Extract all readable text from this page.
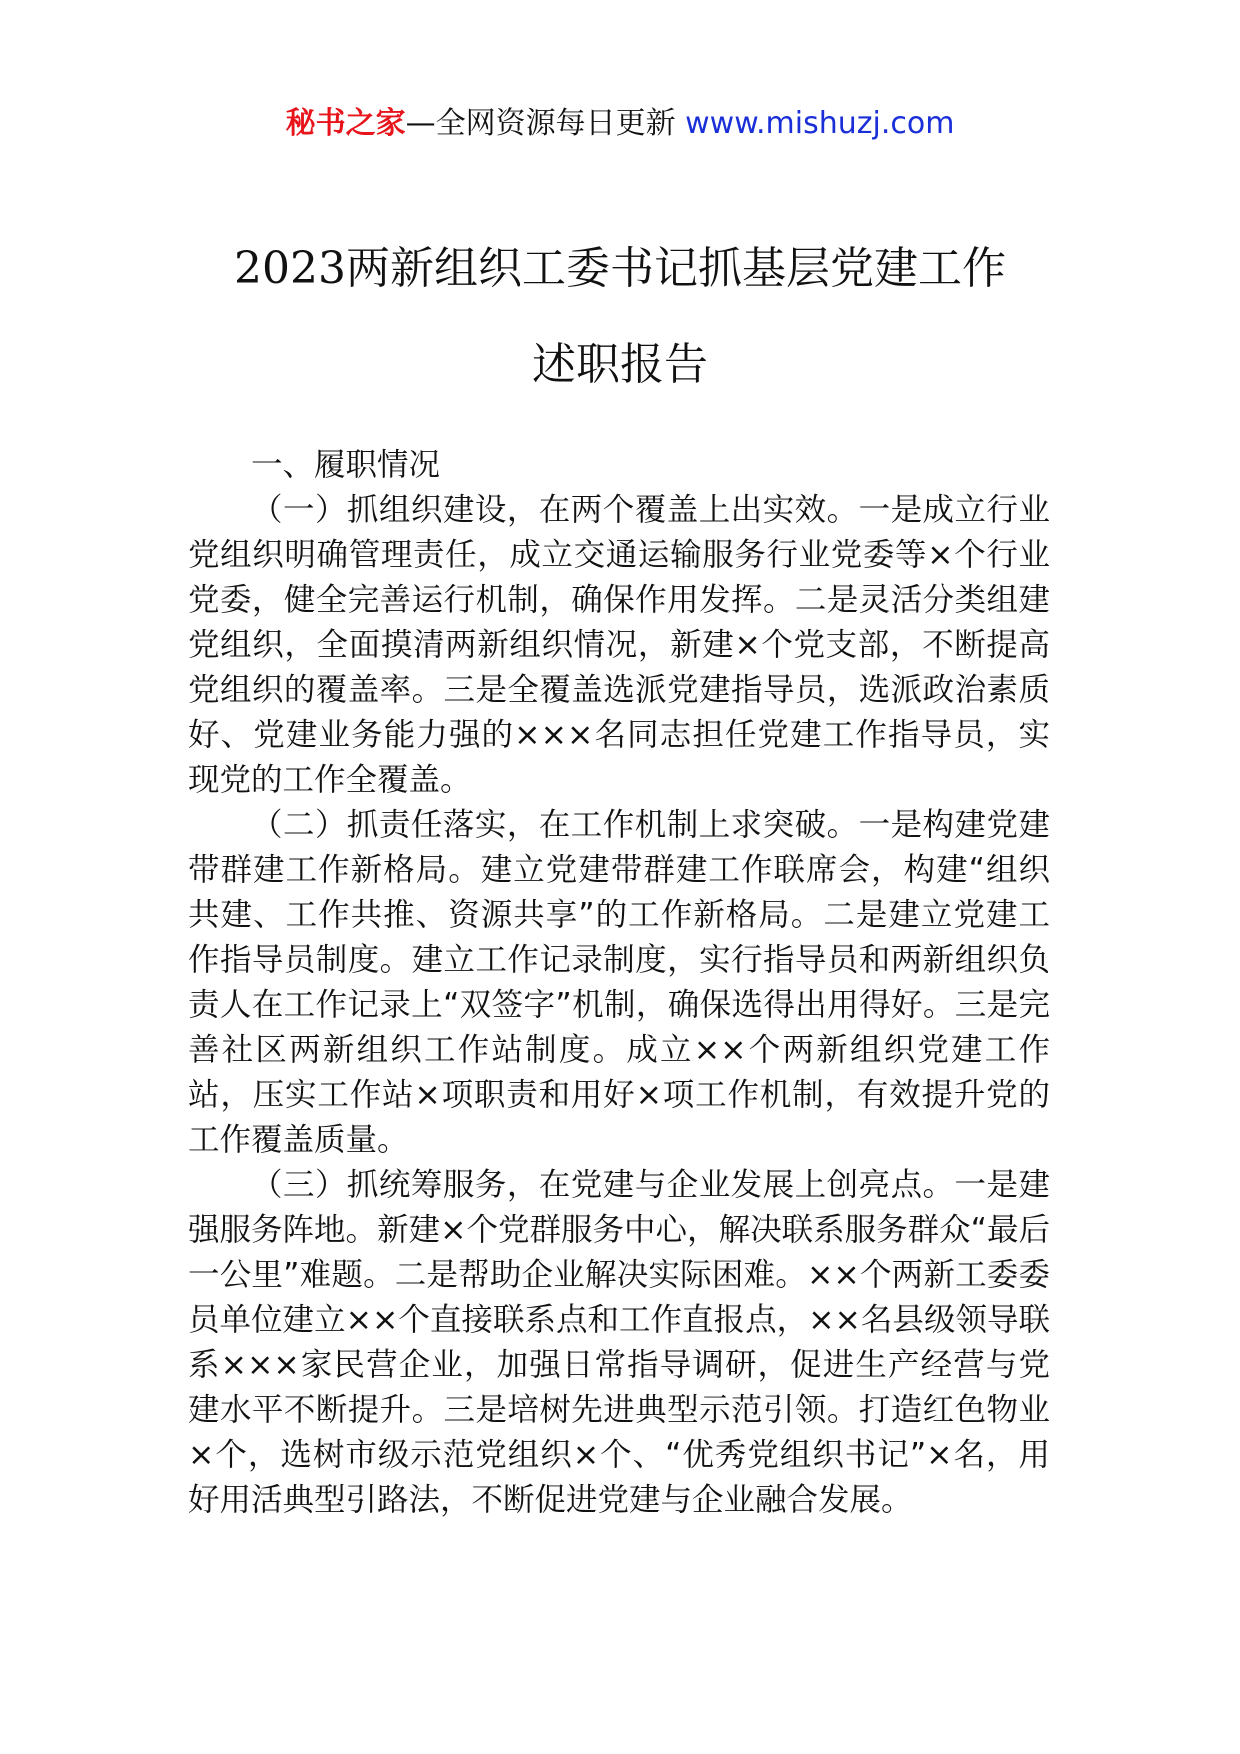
秘书之家—全网资源每日更新 www.mishuzj.com
2023两新组织工委书记抓基层党建工作
述职报告

一、履职情况

（一）抓组织建设，在两个覆盖上出实效。一是成立行业党组织明确管理责任，成立交通运输服务行业党委等×个行业党委，健全完善运行机制，确保作用发挥。二是灵活分类组建党组织，全面摸清两新组织情况，新建×个党支部，不断提高党组织的覆盖率。三是全覆盖选派党建指导员，选派政治素质好、党建业务能力强的×××名同志担任党建工作指导员，实现党的工作全覆盖。

（二）抓责任落实，在工作机制上求突破。一是构建党建带群建工作新格局。建立党建带群建工作联席会，构建“组织共建、工作共推、资源共享”的工作新格局。二是建立党建工作指导员制度。建立工作记录制度，实行指导员和两新组织负责人在工作记录上“双签字”机制，确保选得出用得好。三是完善社区两新组织工作站制度。成立××个两新组织党建工作站，压实工作站×项职责和用好×项工作机制，有效提升党的工作覆盖质量。

（三）抓统筹服务，在党建与企业发展上创亮点。一是建强服务阵地。新建×个党群服务中心，解决联系服务群众“最后一公里”难题。二是帮助企业解决实际困难。××个两新工委委员单位建立××个直接联系点和工作直报点，××名县级领导联系×××家民营企业，加强日常指导调研，促进生产经营与党建水平不断提升。三是培树先进典型示范引领。打造红色物业×个，选树市级示范党组织×个、“优秀党组织书记”×名，用好用活典型引路法，不断促进党建与企业融合发展。
